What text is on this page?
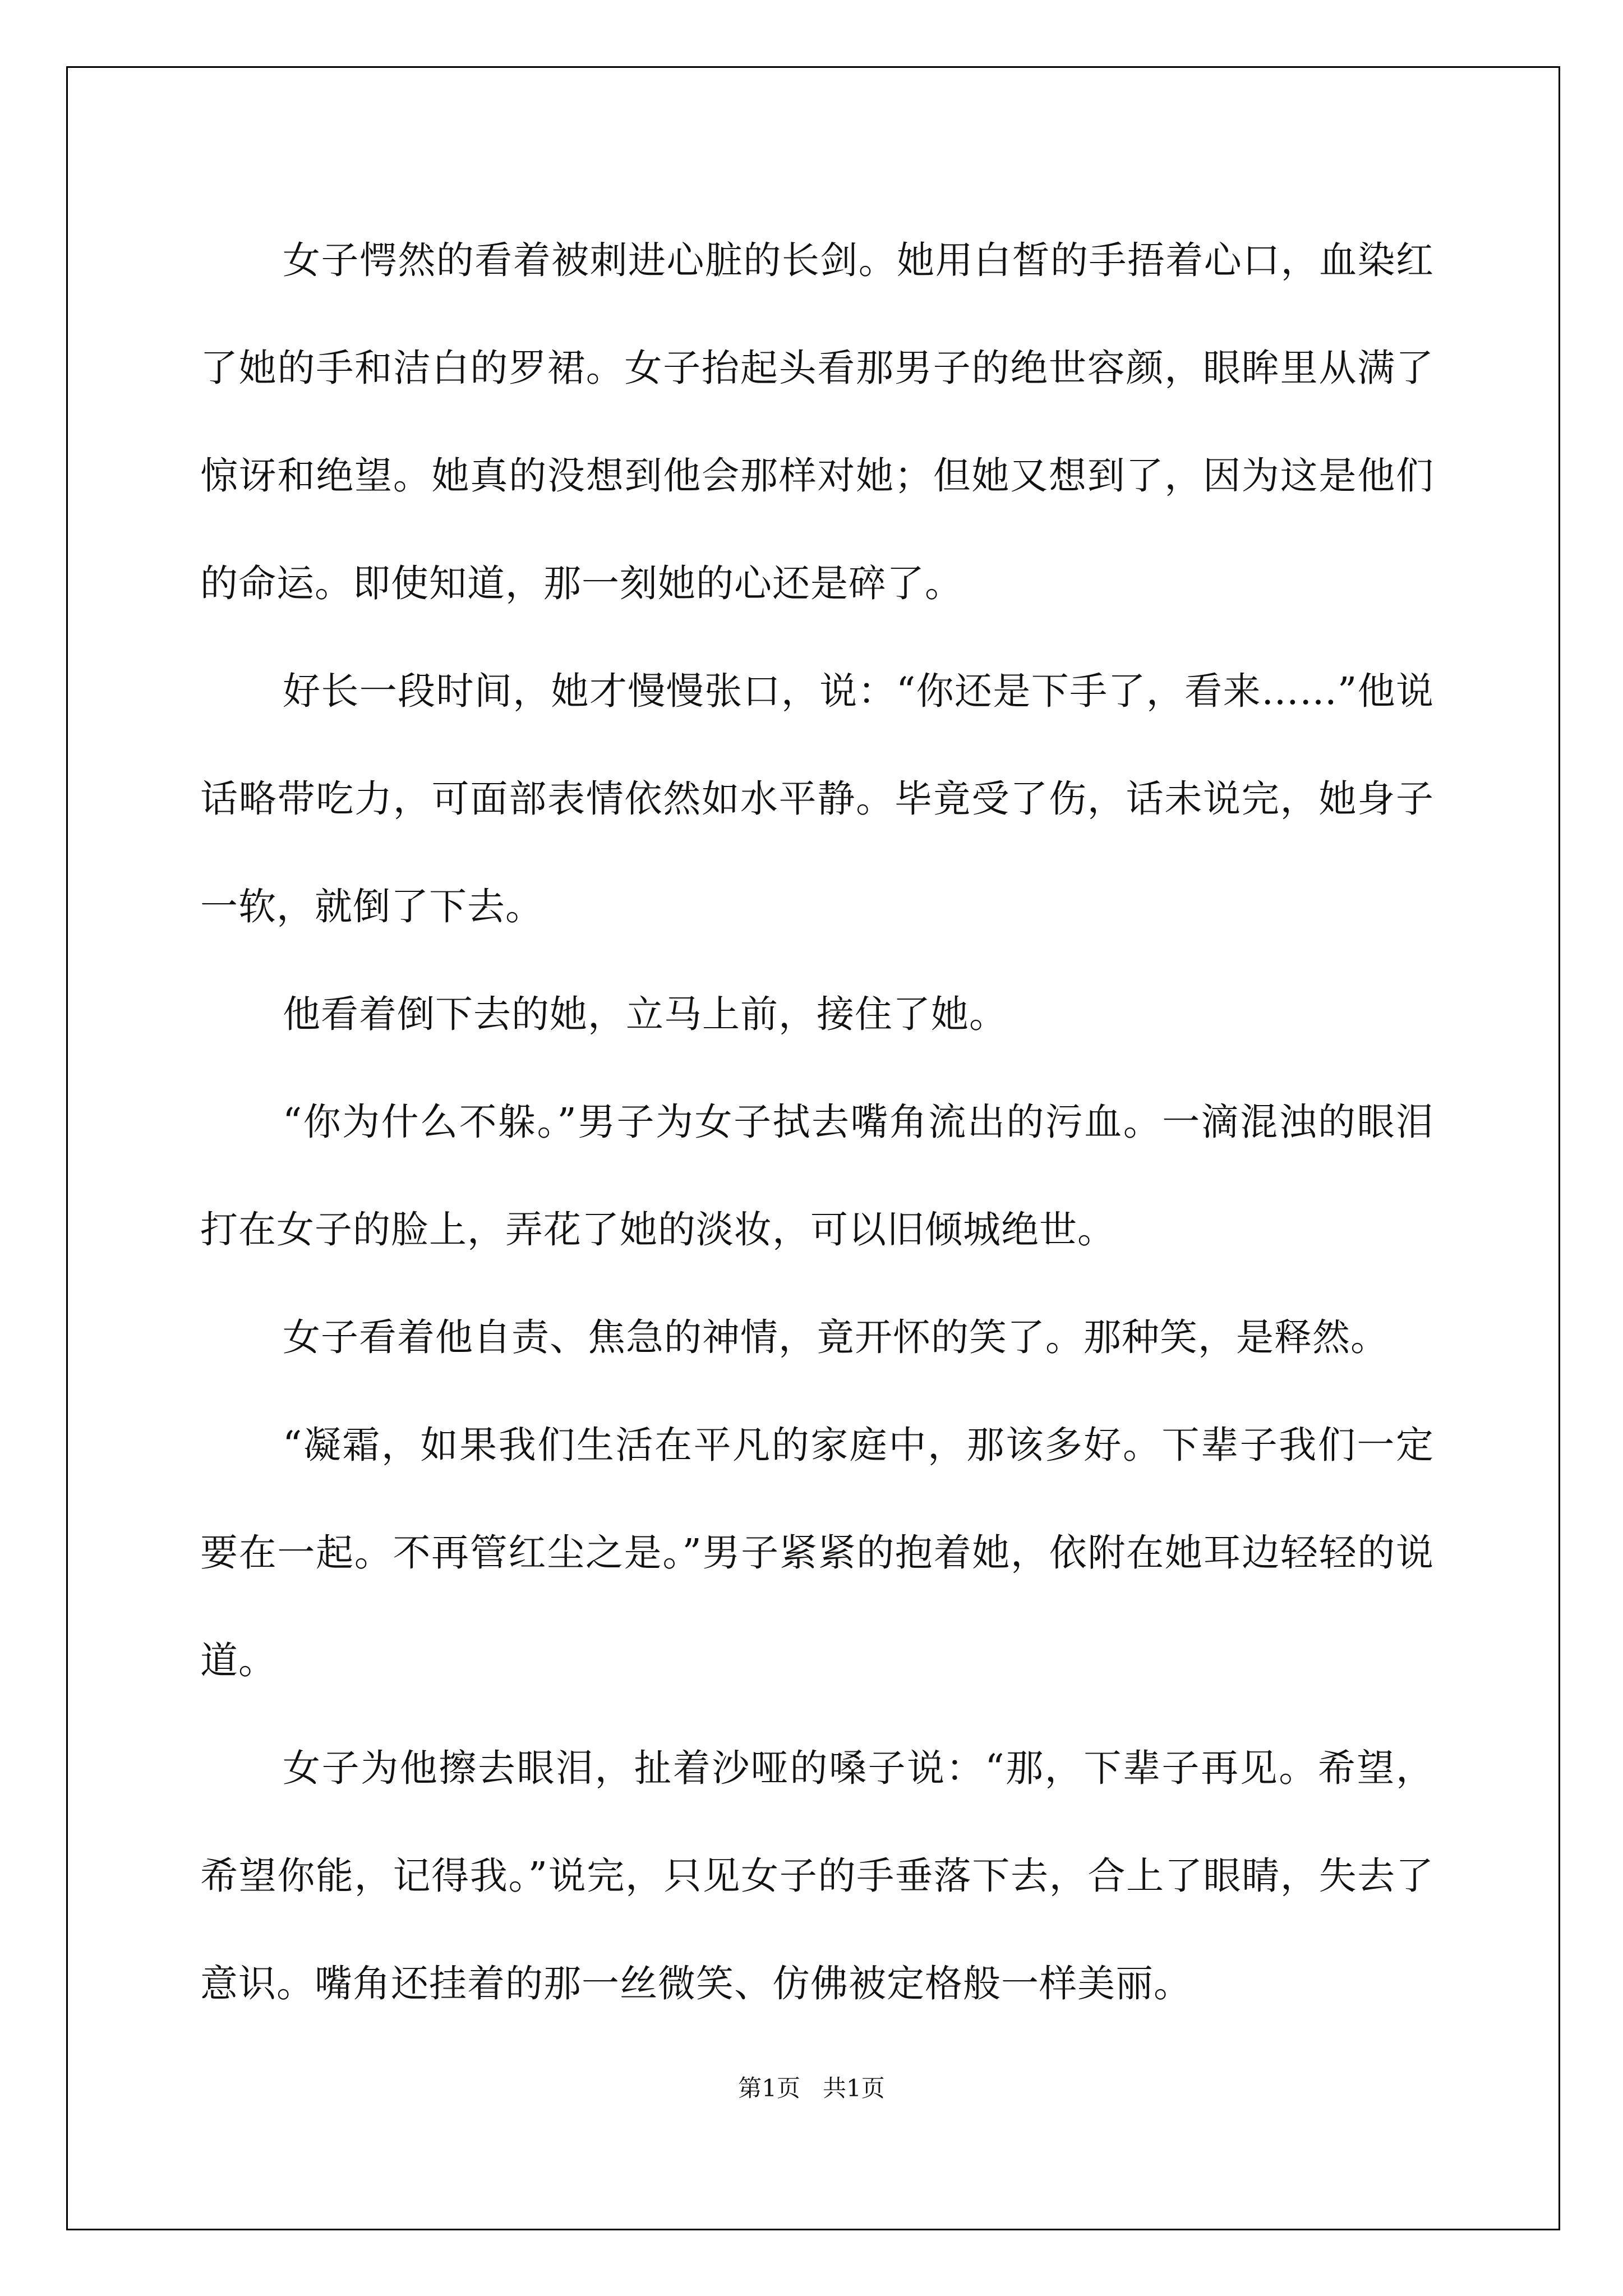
女子愕然的看着被刺进心脏的长剑。她用白皙的手捂着心口，血染红了她的手和洁白的罗裙。女子抬起头看那男子的绝世容颜，眼眸里从满了惊讶和绝望。她真的没想到他会那样对她；但她又想到了，因为这是他们的命运。即使知道，那一刻她的心还是碎了。

好长一段时间，她才慢慢张口，说：“你还是下手了，看来……”他说话略带吃力，可面部表情依然如水平静。毕竟受了伤，话未说完，她身子一软，就倒了下去。

他看着倒下去的她，立马上前，接住了她。

“你为什么不躲。”男子为女子拭去嘴角流出的污血。一滴混浊的眼泪打在女子的脸上，弄花了她的淡妆，可以旧倾城绝世。

女子看着他自责、焦急的神情，竟开怀的笑了。那种笑，是释然。

“凝霜，如果我们生活在平凡的家庭中，那该多好。下辈子我们一定要在一起。不再管红尘之是。”男子紧紧的抱着她，依附在她耳边轻轻的说道。

女子为他擦去眼泪，扯着沙哑的嗓子说：“那，下辈子再见。希望，希望你能，记得我。”说完，只见女子的手垂落下去，合上了眼睛，失去了意识。嘴角还挂着的那一丝微笑、仿佛被定格般一样美丽。

第1页 共1页
